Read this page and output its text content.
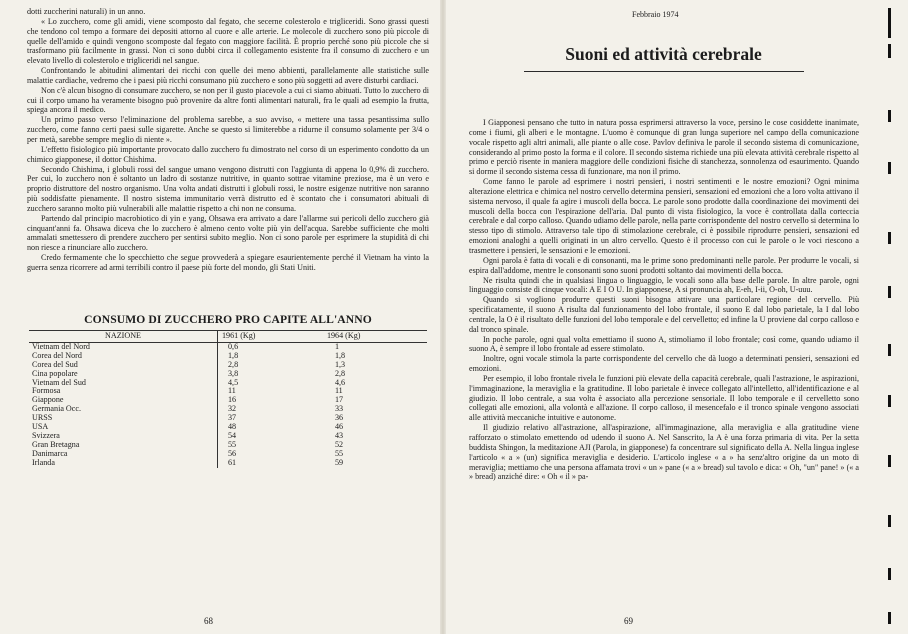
dotti zuccherini naturali) in un anno.

« Lo zucchero, come gli amidi, viene scomposto dal fegato, che secerne colesterolo e trigliceridi. Sono grassi questi che tendono col tempo a formare dei depositi attorno al cuore e alle arterie. Le molecole di zucchero sono più piccole di quelle dell'amido e quindi vengono scomposte dal fegato con maggiore facilità. È proprio perché sono più piccole che si trasformano più facilmente in grassi. Non ci sono dubbi circa il collegamento esistente fra il consumo di zucchero e un elevato livello di colesterolo e trigliceridi nel sangue.

Confrontando le abitudini alimentari dei ricchi con quelle dei meno abbienti, parallelamente alle statistiche sulle malattie cardiache, vedremo che i paesi più ricchi consumano più zucchero e sono più soggetti ad avere disturbi cardiaci.

Non c'è alcun bisogno di consumare zucchero, se non per il gusto piacevole a cui ci siamo abituati. Tutto lo zucchero di cui il corpo umano ha veramente bisogno può provenire da altre fonti alimentari naturali, fra le quali ad esempio la frutta, spiega ancora il medico.

Un primo passo verso l'eliminazione del problema sarebbe, a suo avviso, « mettere una tassa pesantissima sullo zucchero, come fanno certi paesi sulle sigarette. Anche se questo si limiterebbe a ridurne il consumo solamente per 3/4 o per metà, sarebbe sempre meglio di niente ».

L'effetto fisiologico più importante provocato dallo zucchero fu dimostrato nel corso di un esperimento condotto da un chimico giapponese, il dottor Chishima.

Secondo Chishima, i globuli rossi del sangue umano vengono distrutti con l'aggiunta di appena lo 0,9% di zucchero. Per cui, lo zucchero non è soltanto un ladro di sostanze nutritive, in quanto sottrae vitamine preziose, ma è un vero e proprio distruttore del nostro organismo. Una volta andati distrutti i globuli rossi, le nostre esigenze nutritive non saranno più soddisfatte pienamente. Il nostro sistema immunitario verrà distrutto ed è scontato che i consumatori abituali di zucchero saranno molto più vulnerabili alle malattie rispetto a chi non ne consuma.

Partendo dal principio macrobiotico di yin e yang, Ohsawa era arrivato a dare l'allarme sui pericoli dello zucchero già cinquant'anni fa. Ohsawa diceva che lo zucchero è almeno cento volte più yin dell'acqua. Sarebbe sufficiente che molti ammalati smettessero di prendere zucchero per sentirsi subito meglio. Non ci sono parole per esprimere la stupidità di chi non riesce a rinunciare allo zucchero.

Credo fermamente che lo specchietto che segue provvederà a spiegare esaurientemente perché il Vietnam ha vinto la guerra senza ricorrere ad armi terribili contro il paese più forte del mondo, gli Stati Uniti.

CONSUMO DI ZUCCHERO PRO CAPITE ALL'ANNO
NAZIONE	1961 (Kg)	1964 (Kg)
Vietnam del Nord	0,6	1
Corea del Nord	1,8	1,8
Corea del Sud	2,8	1,3
Cina popolare	3,8	2,8
Vietnam del Sud	4,5	4,6
Formosa	11	11
Giappone	16	17
Germania Occ.	32	33
URSS	37	36
USA	48	46
Svizzera	54	43
Gran Bretagna	55	52
Danimarca	56	55
Irlanda	61	59
68
Febbraio 1974
Suoni ed attività cerebrale

I Giapponesi pensano che tutto in natura possa esprimersi attraverso la voce, persino le cose cosiddette inanimate, come i fiumi, gli alberi e le montagne. L'uomo è comunque di gran lunga superiore nel campo della comunicazione vocale rispetto agli altri animali, alle piante o alle cose. Pavlov definiva le parole il secondo sistema di comunicazione, considerando al primo posto la forma e il colore. Il secondo sistema richiede una più elevata attività cerebrale rispetto al primo e perciò risente in maniera maggiore delle condizioni fisiche di stanchezza, sonnolenza od esaurimento. Quando si dorme il secondo sistema cessa di funzionare, ma non il primo.

Come fanno le parole ad esprimere i nostri pensieri, i nostri sentimenti e le nostre emozioni? Ogni minima alterazione elettrica e chimica nel nostro cervello determina pensieri, sensazioni ed emozioni che a loro volta attivano il sistema nervoso, il quale fa agire i muscoli della bocca. Le parole sono prodotte dalla coordinazione dei movimenti dei muscoli della bocca con l'espirazione dell'aria. Dal punto di vista fisiologico, la voce è controllata dalla corteccia cerebrale e dal corpo calloso. Quando udiamo delle parole, nella parte corrispondente del nostro cervello si determina lo stesso tipo di stimolo. Attraverso tale tipo di stimolazione cerebrale, ci è possibile riprodurre pensieri, sensazioni ed emozioni analoghi a quelli originati in un altro cervello. Questo è il processo con cui le parole o le voci riescono a trasmettere i pensieri, le sensazioni e le emozioni.

Ogni parola è fatta di vocali e di consonanti, ma le prime sono predominanti nelle parole. Per produrre le vocali, si espira dall'addome, mentre le consonanti sono suoni prodotti soltanto dai movimenti della bocca.

Ne risulta quindi che in qualsiasi lingua o linguaggio, le vocali sono alla base delle parole. In altre parole, ogni linguaggio consiste di cinque vocali: A E I O U. In giapponese, A si pronuncia ah, E-eh, I-ii, O-oh, U-uuu.

Quando si vogliono produrre questi suoni bisogna attivare una particolare regione del cervello. Più specificatamente, il suono A risulta dal funzionamento del lobo frontale, il suono E dal lobo parietale, la I dal lobo centrale, la O è il risultato delle funzioni del lobo temporale e del cervelletto; ed infine la U proviene dal corpo calloso e dal tronco spinale.

In poche parole, ogni qual volta emettiamo il suono A, stimoliamo il lobo frontale; così come, quando udiamo il suono A, è sempre il lobo frontale ad essere stimolato.

Inoltre, ogni vocale stimola la parte corrispondente del cervello che dà luogo a determinati pensieri, sensazioni ed emozioni.

Per esempio, il lobo frontale rivela le funzioni più elevate della capacità cerebrale, quali l'astrazione, le aspirazioni, l'immaginazione, la meraviglia e la gratitudine. Il lobo parietale è invece collegato all'intelletto, all'identificazione e al giudizio. Il lobo centrale, a sua volta è associato alla percezione sensoriale. Il lobo temporale e il cervelletto sono collegati alle emozioni, alla volontà e all'azione. Il corpo calloso, il mesencefalo e il tronco spinale vengono associati alle attività meccaniche intuitive e autonome.

Il giudizio relativo all'astrazione, all'aspirazione, all'immaginazione, alla meraviglia e alla gratitudine viene rafforzato o stimolato emettendo od udendo il suono A. Nel Sanscrito, la A è una forza primaria di vita. Per la setta buddista Shingon, la meditazione AJI (Parola, in giapponese) fa concentrare sul significato della A. Nella lingua inglese l'articolo « a » (un) significa meraviglia e desiderio. L'articolo inglese « a » ha senz'altro origine da un moto di meraviglia; mettiamo che una persona affamata trovi « un » pane (« a » bread) sul tavolo e dica: « Oh, "un" pane! » (« a » bread) anziché dire: « Oh « il » pa-

69
